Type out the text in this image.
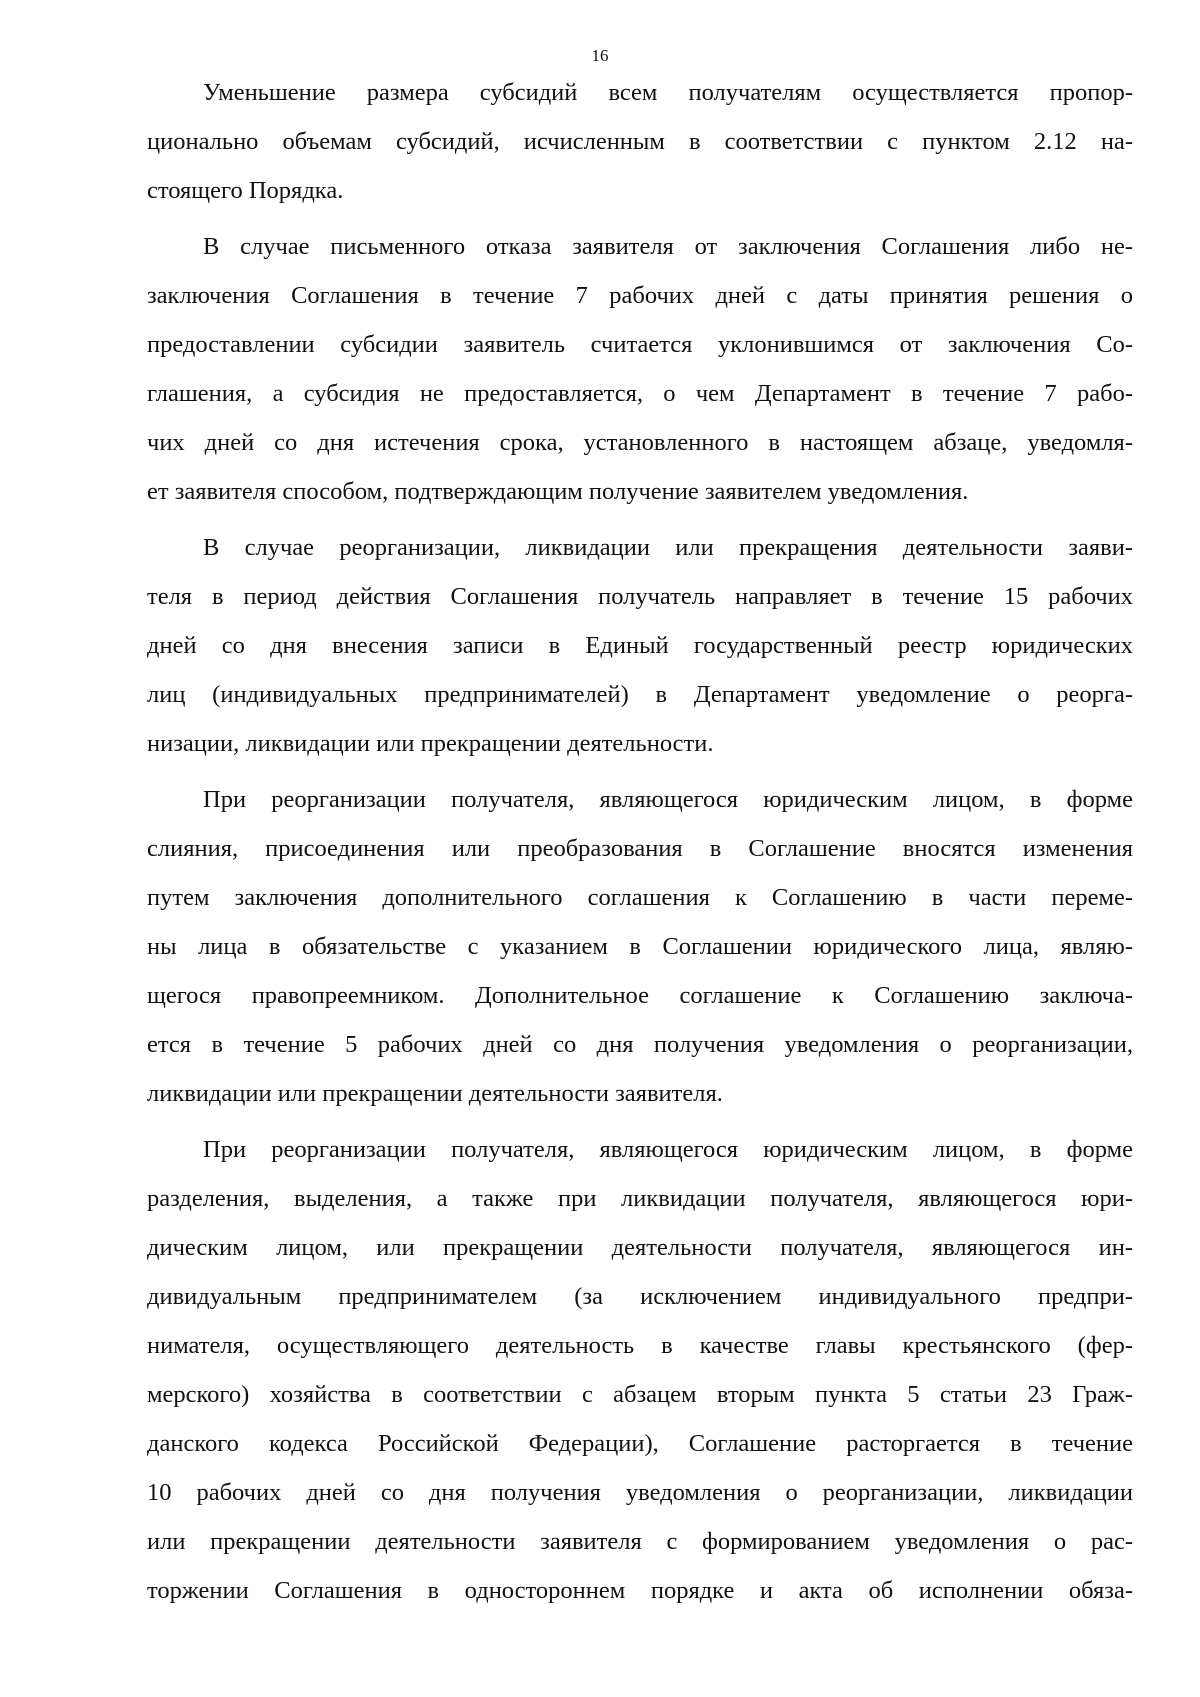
16
Уменьшение размера субсидий всем получателям осуществляется пропор-
ционально объемам субсидий, исчисленным в соответствии с пунктом 2.12 на-
стоящего Порядка.
В случае письменного отказа заявителя от заключения Соглашения либо не-
заключения Соглашения в течение 7 рабочих дней с даты принятия решения о
предоставлении субсидии заявитель считается уклонившимся от заключения Со-
глашения, а субсидия не предоставляется, о чем Департамент в течение 7 рабо-
чих дней со дня истечения срока, установленного в настоящем абзаце, уведомля-
ет заявителя способом, подтверждающим получение заявителем уведомления.
В случае реорганизации, ликвидации или прекращения деятельности заяви-
теля в период действия Соглашения получатель направляет в течение 15 рабочих
дней со дня внесения записи в Единый государственный реестр юридических
лиц (индивидуальных предпринимателей) в Департамент уведомление о реорга-
низации, ликвидации или прекращении деятельности.
При реорганизации получателя, являющегося юридическим лицом, в форме
слияния, присоединения или преобразования в Соглашение вносятся изменения
путем заключения дополнительного соглашения к Соглашению в части переме-
ны лица в обязательстве с указанием в Соглашении юридического лица, являю-
щегося правопреемником. Дополнительное соглашение к Соглашению заключа-
ется в течение 5 рабочих дней со дня получения уведомления о реорганизации,
ликвидации или прекращении деятельности заявителя.
При реорганизации получателя, являющегося юридическим лицом, в форме
разделения, выделения, а также при ликвидации получателя, являющегося юри-
дическим лицом, или прекращении деятельности получателя, являющегося ин-
дивидуальным предпринимателем (за исключением индивидуального предпри-
нимателя, осуществляющего деятельность в качестве главы крестьянского (фер-
мерского) хозяйства в соответствии с абзацем вторым пункта 5 статьи 23 Граж-
данского кодекса Российской Федерации), Соглашение расторгается в течение
10 рабочих дней со дня получения уведомления о реорганизации, ликвидации
или прекращении деятельности заявителя с формированием уведомления о рас-
торжении Соглашения в одностороннем порядке и акта об исполнении обяза-
